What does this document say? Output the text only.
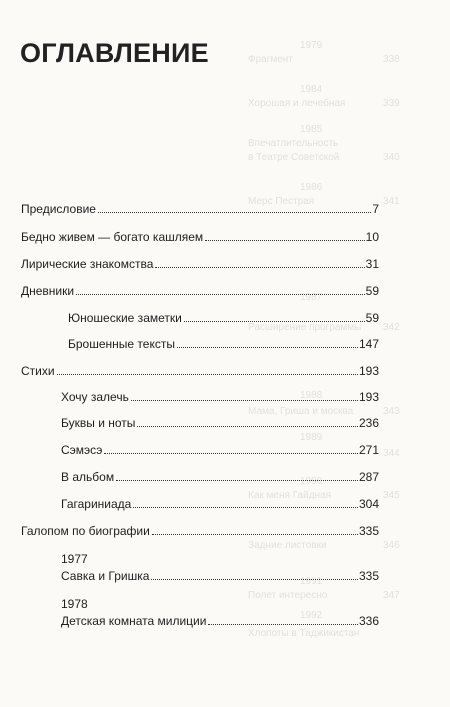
1979
Фрагмент	338
1984
Хорошая и лечебная	339
1985
Впечатлительность
в Театре Советской	340
1986
Мерс Пестрая	341
1987
Расширение программы 342
1988
Мама, Гриша и москва	343
1989
344
1990
Как меня Гайдная	345
Задние листовки	346
1991
Полет интересно	347
1992
Хлопоты в Таджикистан
ОГЛАВЛЕНИЕ
Предисловие	7
Бедно живем — богато кашляем	10
Лирические знакомства	31
Дневники	59
Юношеские заметки	59
Брошенные тексты	147
Стихи	193
Хочу залечь	193
Буквы и ноты	236
Сэмэсэ	271
В альбом	287
Гагариниада	304
Галопом по биографии	335
1977
Савка и Гришка	335
1978
Детская комната милиции	336
